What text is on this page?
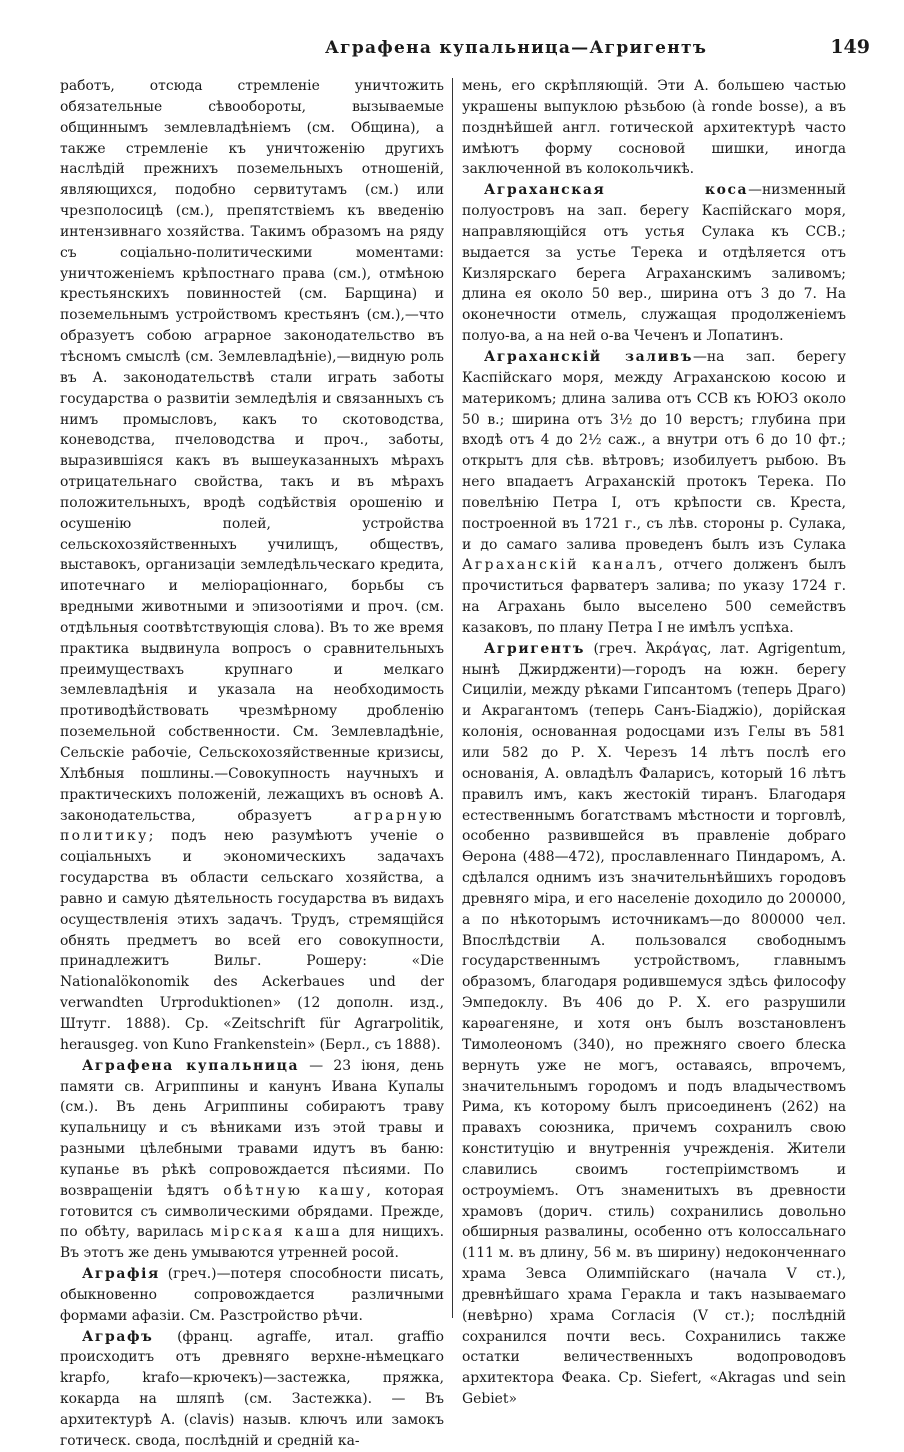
Аграфена купальница—Агригентъ	149

работъ, отсюда стремленіе уничтожить обязательные сѣвообороты, вызываемые общиннымъ землевладѣніемъ (см. Община), а также стремленіе къ уничтоженію другихъ наслѣдій прежнихъ поземельныхъ отношеній, являющихся, подобно сервитутамъ (см.) или чрезполосицѣ (см.), препятствіемъ къ введенію интензивнаго хозяйства. Такимъ образомъ на ряду съ соціально-политическими моментами: уничтоженіемъ крѣпостнаго права (см.), отмѣною крестьянскихъ повинностей (см. Барщина) и поземельнымъ устройствомъ крестьянъ (см.),—что образуетъ собою аграрное законодательство въ тѣсномъ смыслѣ (см. Землевладѣніе),—видную роль въ А. законодательствѣ стали играть заботы государства о развитіи земледѣлія и связанныхъ съ нимъ промысловъ, какъ то скотоводства, коневодства, пчеловодства и проч., заботы, выразившіяся какъ въ вышеуказанныхъ мѣрахъ отрицательнаго свойства, такъ и въ мѣрахъ положительныхъ, вродѣ содѣйствія орошенію и осушенію полей, устройства сельскохозяйственныхъ училищъ, обществъ, выставокъ, организаціи земледѣльческаго кредита, ипотечнаго и меліораціоннаго, борьбы съ вредными животными и эпизоотіями и проч. (см. отдѣльныя соотвѣтствующія слова). Въ то же время практика выдвинула вопросъ о сравнительныхъ преимуществахъ крупнаго и мелкаго землевладѣнія и указала на необходимость противодѣйствовать чрезмѣрному дробленію поземельной собственности. См. Землевладѣніе, Сельскіе рабочіе, Сельскохозяйственные кризисы, Хлѣбныя пошлины.—Совокупность научныхъ и практическихъ положеній, лежащихъ въ основѣ А. законодательства, образуетъ	аграрную политику; подъ нею разумѣютъ ученіе о соціальныхъ и экономическихъ задачахъ государства въ области сельскаго хозяйства, а равно и самую дѣятельность государства въ видахъ осуществленія этихъ задачъ. Трудъ, стремящійся обнять предметъ во всей его совокупности, принадлежитъ Вильг. Рошеру: «Die Nationalökonomik des Ackerbaues und der verwandten Urproduktionen» (12 дополн. изд., Штутг. 1888). Ср. «Zeitschrift für Agrarpolitik, herausgeg. von Kuno Frankenstein» (Берл., съ 1888).

Аграфена купальница — 23 іюня, день памяти св. Агриппины и канунъ Ивана Купалы (см.). Въ день Агриппины собираютъ траву купальницу и съ вѣниками изъ этой травы и разными цѣлебными травами идутъ въ баню: купанье въ рѣкѣ сопровождается пѣсиями. По возвращеніи ѣдятъ обѣтную кашу, которая готовится съ символическими обрядами. Прежде, по обѣту, варилась мірская каша для нищихъ. Въ этотъ же день умываются утренней росой.

Аграфія (греч.)—потеря способности писать, обыкновенно сопровождается различными формами афазіи. См. Разстройство рѣчи.

Аграфъ (франц. agraffe, итал. graffio происходитъ отъ древняго верхне-нѣмецкаго krapfo, krafo—крючекъ)—застежка, пряжка, кокарда на шляпѣ (см. Застежка). — Въ архитектурѣ А. (clavis) назыв. ключъ или замокъ готическ. свода, послѣдній и средній ка-

мень, его скрѣпляющій. Эти А. большею частью украшены выпуклою рѣзьбою (à ronde bosse), а въ позднѣйшей англ. готической архитектурѣ часто имѣютъ форму сосновой шишки, иногда заключенной въ колокольчикѣ.

Аграханская коса—низменный полуостровъ на зап. берегу Каспійскаго моря, направляющійся отъ устья Сулака къ ССВ.; выдается за устье Терека и отдѣляется отъ Кизлярскаго берега Аграханскимъ заливомъ; длина ея около 50 вер., ширина отъ 3 до 7. На оконечности отмель, служащая продолженіемъ полуо-ва, а на ней о-ва Чеченъ и Лопатинъ.

Аграханскій заливъ—на зап. берегу Каспійскаго моря, между Аграханскою косою и материкомъ; длина залива отъ ССВ къ ЮЮЗ около 50 в.; ширина отъ 3½ до 10 верстъ; глубина при входѣ отъ 4 до 2½ саж., а внутри отъ 6 до 10 фт.; открытъ для сѣв. вѣтровъ; изобилуетъ рыбою. Въ него впадаетъ Аграханскій протокъ Терека. По повелѣнію Петра I, отъ крѣпости св. Креста, построенной въ 1721 г., съ лѣв. стороны р. Сулака, и до самаго залива проведенъ былъ изъ Сулака Аграханскій каналъ, отчего долженъ былъ прочиститься фарватеръ залива; по указу 1724 г. на Аграхань было выселено 500 семействъ казаковъ, по плану Петра I не имѣлъ успѣха.

Агригентъ (греч. Ἀκράγας, лат. Agrigentum, нынѣ Джирдженти)—городъ на южн. берегу Сициліи, между рѣками Гипсантомъ (теперь Драго) и Акрагантомъ (теперь Санъ-Біаджіо), дорійская колонія, основанная родосцами изъ Гелы въ 581 или 582 до Р. Х. Черезъ 14 лѣтъ послѣ его основанія, А. овладѣлъ Фаларисъ, который 16 лѣтъ правилъ имъ, какъ жестокій тиранъ. Благодаря естественнымъ богатствамъ мѣстности и торговлѣ, особенно развившейся въ правленіе добраго Ѳерона (488—472), прославленнаго Пиндаромъ, А. сдѣлался однимъ изъ значительнѣйшихъ городовъ древняго міра, и его населеніе доходило до 200000, а по нѣкоторымъ источникамъ—до 800000 чел. Впослѣдствіи А. пользовался свободнымъ государственнымъ устройствомъ, главнымъ образомъ, благодаря родившемуся здѣсь философу Эмпедоклу. Въ 406 до Р. Х. его разрушили карѳагеняне, и хотя онъ былъ возстановленъ Тимолеономъ (340), но прежняго своего блеска вернуть уже не могъ, оставаясь, впрочемъ, значительнымъ городомъ и подъ владычествомъ Рима, къ которому былъ присоединенъ (262) на правахъ союзника, причемъ сохранилъ свою конституцію и внутреннія учрежденія. Жители славились своимъ гостепріимствомъ и остроуміемъ. Отъ знаменитыхъ въ древности храмовъ (дорич. стиль) сохранились довольно обширныя развалины, особенно отъ колоссальнаго (111 м. въ длину, 56 м. въ ширину) недоконченнаго храма Зевса Олимпійскаго (начала V ст.), древнѣйшаго храма Геракла и такъ называемаго (невѣрно) храма Согласія (V ст.); послѣдній сохранился почти весь. Сохранились также остатки величественныхъ водопроводовъ архитектора Феака. Ср. Siefert, «Akragas und sein Gebiet»
